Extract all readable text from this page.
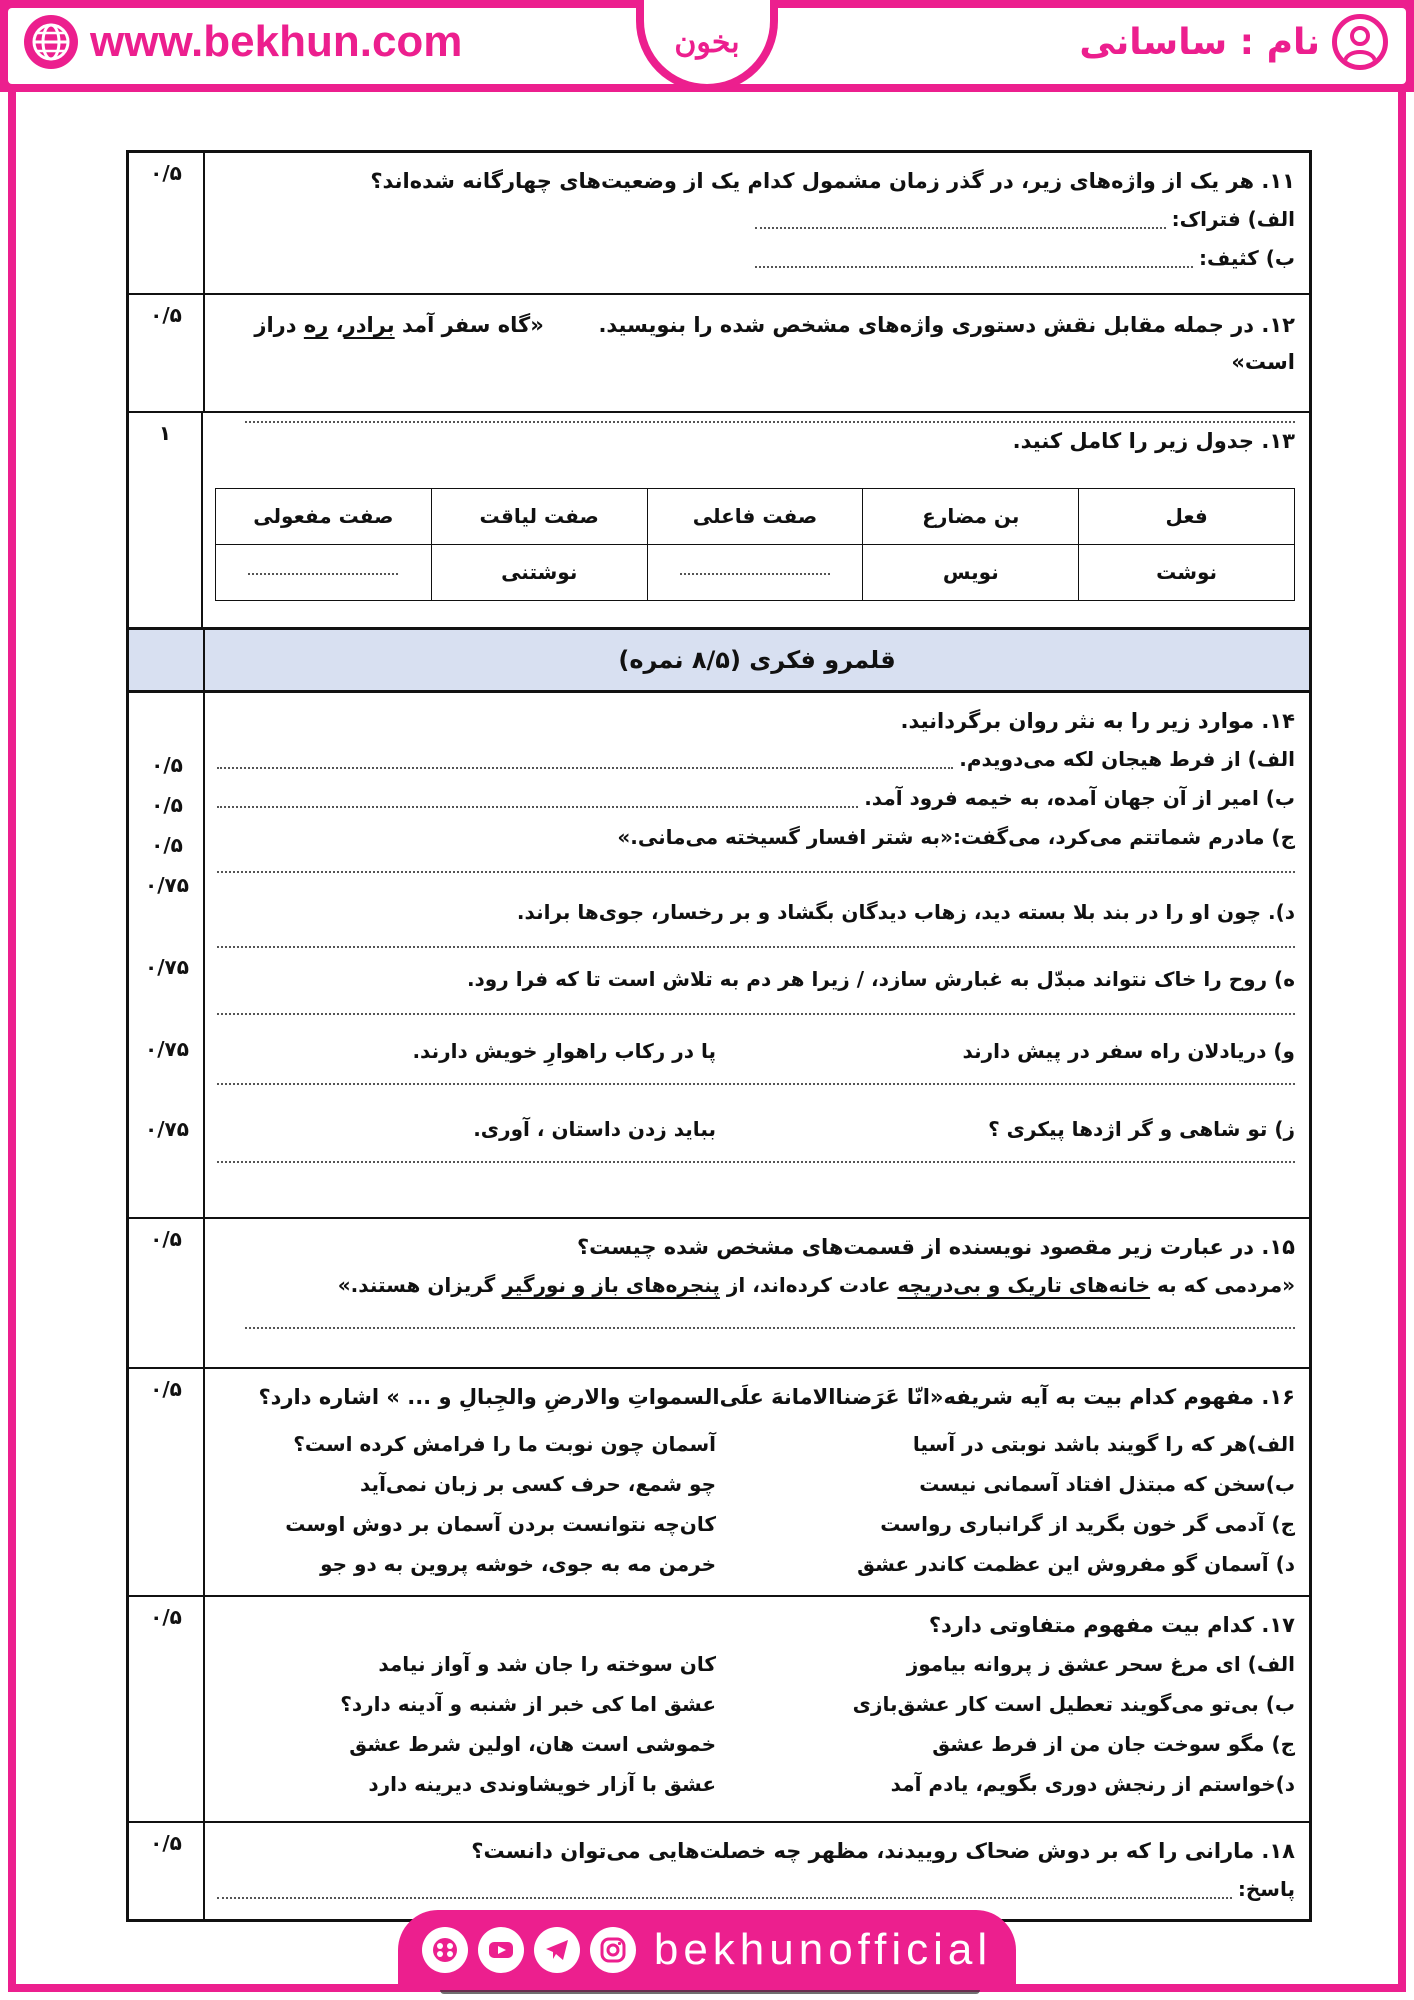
www.bekhun.com	بخون	نام : ساسانی
۱۱. هر یک از واژه‌های زیر، در گذر زمان مشمول کدام یک از وضعیت‌های چهارگانه شده‌اند؟
الف) فتراک:
ب) کثیف:
۰/۵
۱۲. در جمله مقابل نقش دستوری واژه‌های مشخص شده را بنویسید.  «گاه سفر آمد برادر، ره دراز است»
۰/۵
۱۳. جدول زیر را کامل کنید.
فعل	بن مضارع	صفت فاعلی	صفت لیاقت	صفت مفعولی
نوشت	نویس		نوشتنی	
۱
قلمرو فکری (۸/۵ نمره)
۱۴. موارد زیر را به نثر روان برگردانید.
الف) از فرط هیجان لکه می‌دویدم.
ب) امیر از آن جهان آمده، به خیمه فرود آمد.
ج) مادرم شماتتم می‌کرد، می‌گفت:«به شتر افسار گسیخته می‌مانی.»
د). چون او را در بند بلا بسته دید، زهاب دیدگان بگشاد و بر رخسار، جوی‌ها براند.
ه) روح را خاک نتواند مبدّل به غبارش سازد، / زیرا هر دم به تلاش است تا که فرا رود.
و) دریادلان راه سفر در پیش دارند
پا در رکاب راهوارِ خویش دارند.
ز) تو شاهی و گر اژدها پیکری ؟
بباید زدن داستان ، آوری.
۰/۵
۰/۵
۰/۵
۰/۷۵
۰/۷۵
۰/۷۵
۰/۷۵
۱۵. در عبارت زیر مقصود نویسنده از قسمت‌های مشخص شده چیست؟
«مردمی که به خانه‌های تاریک و بی‌دریچه عادت کرده‌اند، از پنجره‌های باز و نورگیر گریزان هستند.»
۰/۵
۱۶. مفهوم کدام بیت به آیه شریفه«انّا عَرَضناالامانهَ علَی‌السمواتِ والارضِ والجِبالِ و ... » اشاره دارد؟
الف)هر که را گویند باشد نوبتی در آسیا
آسمان چون نوبت ما را فرامش کرده است؟
ب)سخن که مبتذل افتاد آسمانی نیست
چو شمع، حرف کسی بر زبان نمی‌آید
ج) آدمی گر خون بگرید از گرانباری رواست
کان‌چه نتوانست بردن آسمان بر دوش اوست
د) آسمان گو مفروش این عظمت کاندر عشق
خرمن مه به جوی، خوشه پروین به دو جو
۰/۵
۱۷. کدام بیت مفهوم متفاوتی دارد؟
الف) ای مرغ سحر عشق ز پروانه بیاموز
کان سوخته را جان شد و آواز نیامد
ب) بی‌تو می‌گویند تعطیل است کار عشق‌بازی
عشق اما کی خبر از شنبه و آدینه دارد؟
ج) مگو سوخت جان من از فرط عشق
خموشی است هان، اولین شرط عشق
د)خواستم از رنجش دوری بگویم، یادم آمد
عشق با آزار خویشاوندی دیرینه دارد
۰/۵
۱۸. مارانی را که بر دوش ضحاک روییدند، مظهر چه خصلت‌هایی می‌توان دانست؟
پاسخ:
۰/۵
bekhunofficial
